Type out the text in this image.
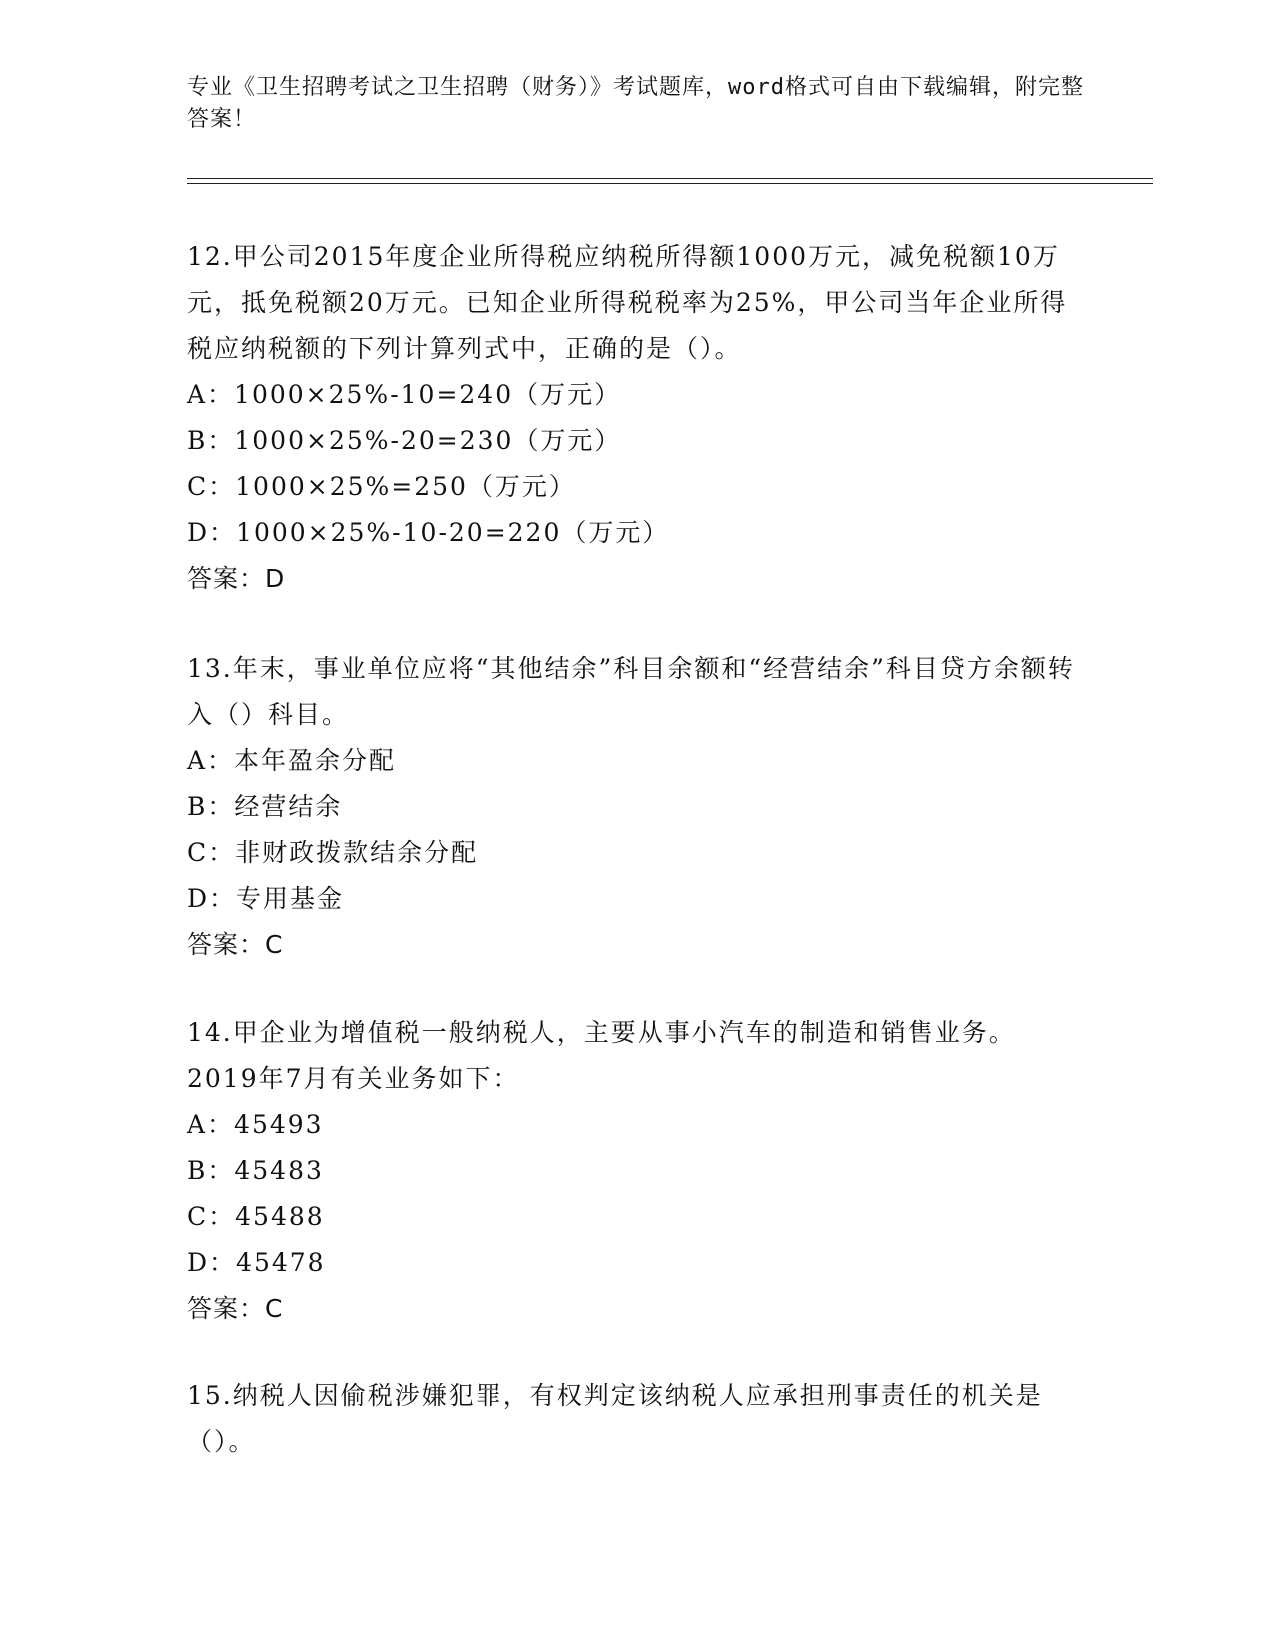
专业《卫生招聘考试之卫生招聘（财务）》考试题库，word格式可自由下载编辑，附完整答案！

12.甲公司2015年度企业所得税应纳税所得额1000万元，减免税额10万元，抵免税额20万元。已知企业所得税税率为25%，甲公司当年企业所得税应纳税额的下列计算列式中，正确的是（）。

A：1000×25%-10=240（万元）
B：1000×25%-20=230（万元）
C：1000×25%=250（万元）
D：1000×25%-10-20=220（万元）
答案：D

13.年末，事业单位应将“其他结余”科目余额和“经营结余”科目贷方余额转入（）科目。

A：本年盈余分配
B：经营结余
C：非财政拨款结余分配
D：专用基金
答案：C

14.甲企业为增值税一般纳税人，主要从事小汽车的制造和销售业务。2019年7月有关业务如下：

A：45493
B：45483
C：45488
D：45478
答案：C

15.纳税人因偷税涉嫌犯罪，有权判定该纳税人应承担刑事责任的机关是（）。
